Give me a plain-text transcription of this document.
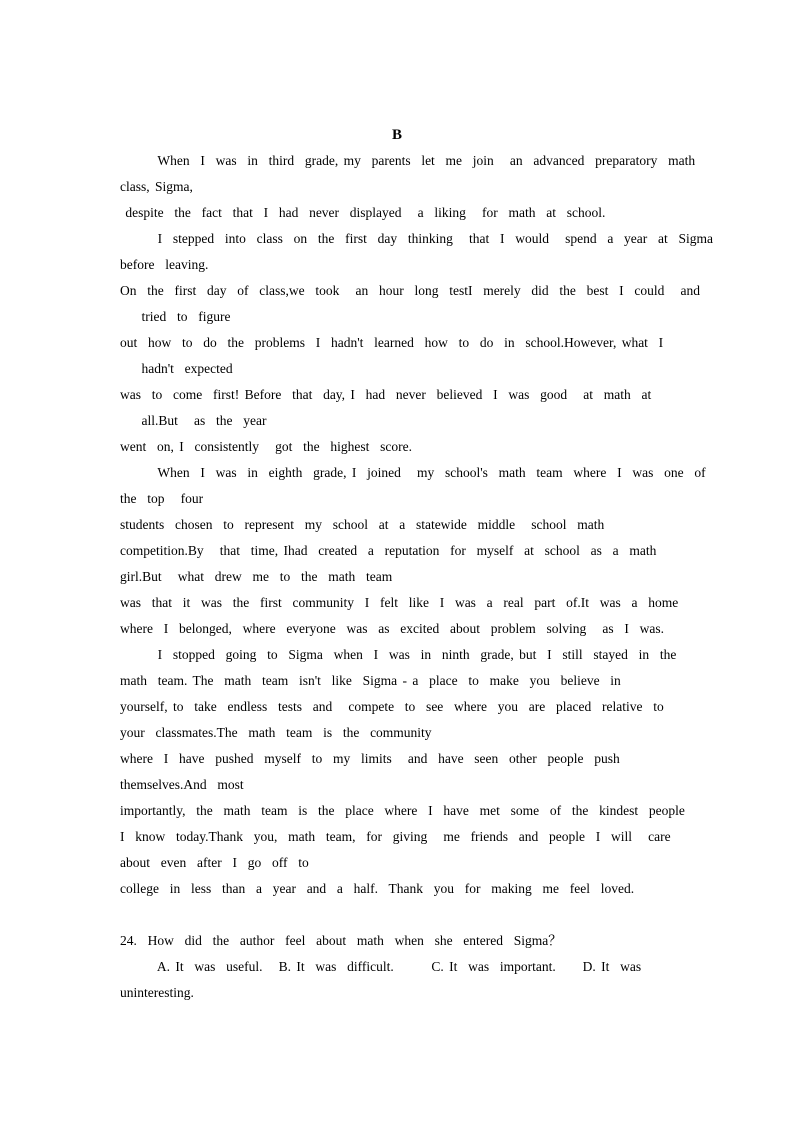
B
When  I  was  in  third  grade, my  parents  let  me  join   an  advanced  preparatory  math
class, Sigma,
despite  the  fact  that  I  had  never  displayed   a  liking   for  math  at  school.
I  stepped  into  class  on  the  first  day  thinking   that  I  would   spend  a  year  at  Sigma
before  leaving.
On  the  first  day  of  class,we  took   an  hour  long  testI  merely  did  the  best  I  could   and
tried  to  figure
out  how  to  do  the  problems  I  hadn't  learned  how  to  do  in  school.However, what  I
hadn't  expected
was  to  come  first! Before  that  day, I  had  never  believed  I  was  good   at  math  at
all.But   as  the  year
went  on, I  consistently   got  the  highest  score.
When  I  was  in  eighth  grade, I  joined   my  school's  math  team  where  I  was  one  of
the  top   four
students  chosen  to  represent  my  school  at  a  statewide  middle   school  math
competition.By   that  time, Ihad  created  a  reputation  for  myself  at  school  as  a  math
girl.But   what  drew  me  to  the  math  team
was  that  it  was  the  first  community  I  felt  like  I  was  a  real  part  of.It  was  a  home
where  I  belonged,  where  everyone  was  as  excited  about  problem  solving   as  I  was.
I  stopped  going  to  Sigma  when  I  was  in  ninth  grade, but  I  still  stayed  in  the
math  team. The  math  team  isn't  like  Sigma - a  place  to  make  you  believe  in
yourself, to  take  endless  tests  and   compete  to  see  where  you  are  placed  relative  to
your  classmates.The  math  team  is  the  community
where  I  have  pushed  myself  to  my  limits   and  have  seen  other  people  push
themselves.And  most
importantly,  the  math  team  is  the  place  where  I  have  met  some  of  the  kindest  people
I  know  today.Thank  you,  math  team,  for  giving   me  friends  and  people  I  will   care
about  even  after  I  go  off  to
college  in  less  than  a  year  and  a  half.  Thank  you  for  making  me  feel  loved.
24.  How  did  the  author  feel  about  math  when  she  entered  Sigma？
A. It  was  useful.   B. It  was  difficult.       C. It  was  important.     D. It  was
uninteresting.
